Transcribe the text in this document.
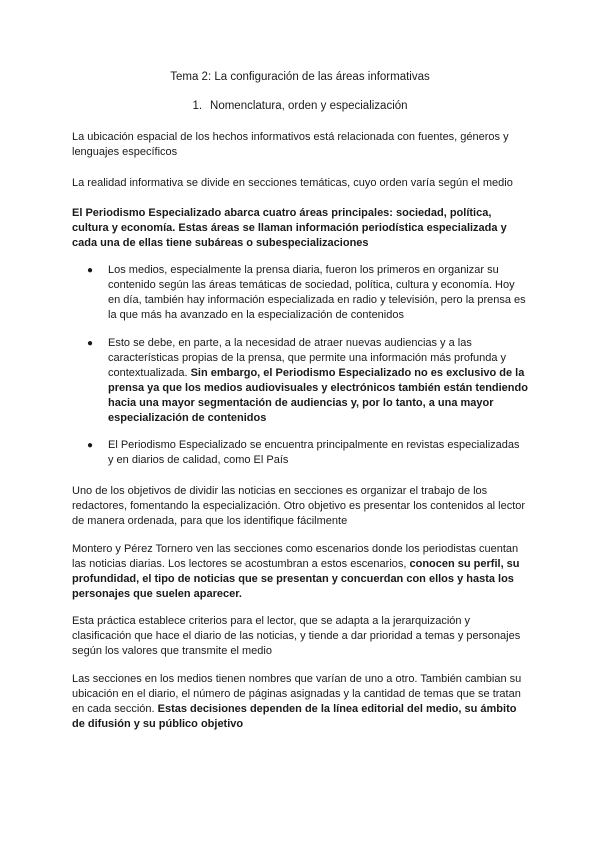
Tema 2: La configuración de las áreas informativas

1. Nomenclatura, orden y especialización

La ubicación espacial de los hechos informativos está relacionada con fuentes, géneros y lenguajes específicos

La realidad informativa se divide en secciones temáticas, cuyo orden varía según el medio

El Periodismo Especializado abarca cuatro áreas principales: sociedad, política, cultura y economía. Estas áreas se llaman información periodística especializada y cada una de ellas tiene subáreas o subespecializaciones

● Los medios, especialmente la prensa diaria, fueron los primeros en organizar su contenido según las áreas temáticas de sociedad, política, cultura y economía. Hoy en día, también hay información especializada en radio y televisión, pero la prensa es la que más ha avanzado en la especialización de contenidos
● Esto se debe, en parte, a la necesidad de atraer nuevas audiencias y a las características propias de la prensa, que permite una información más profunda y contextualizada. Sin embargo, el Periodismo Especializado no es exclusivo de la prensa ya que los medios audiovisuales y electrónicos también están tendiendo hacia una mayor segmentación de audiencias y, por lo tanto, a una mayor especialización de contenidos
● El Periodismo Especializado se encuentra principalmente en revistas especializadas y en diarios de calidad, como El País

Uno de los objetivos de dividir las noticias en secciones es organizar el trabajo de los redactores, fomentando la especialización. Otro objetivo es presentar los contenidos al lector de manera ordenada, para que los identifique fácilmente

Montero y Pérez Tornero ven las secciones como escenarios donde los periodistas cuentan las noticias diarias. Los lectores se acostumbran a estos escenarios, conocen su perfil, su profundidad, el tipo de noticias que se presentan y concuerdan con ellos y hasta los personajes que suelen aparecer.

Esta práctica establece criterios para el lector, que se adapta a la jerarquización y clasificación que hace el diario de las noticias, y tiende a dar prioridad a temas y personajes según los valores que transmite el medio

Las secciones en los medios tienen nombres que varían de uno a otro. También cambian su ubicación en el diario, el número de páginas asignadas y la cantidad de temas que se tratan en cada sección. Estas decisiones dependen de la línea editorial del medio, su ámbito de difusión y su público objetivo
